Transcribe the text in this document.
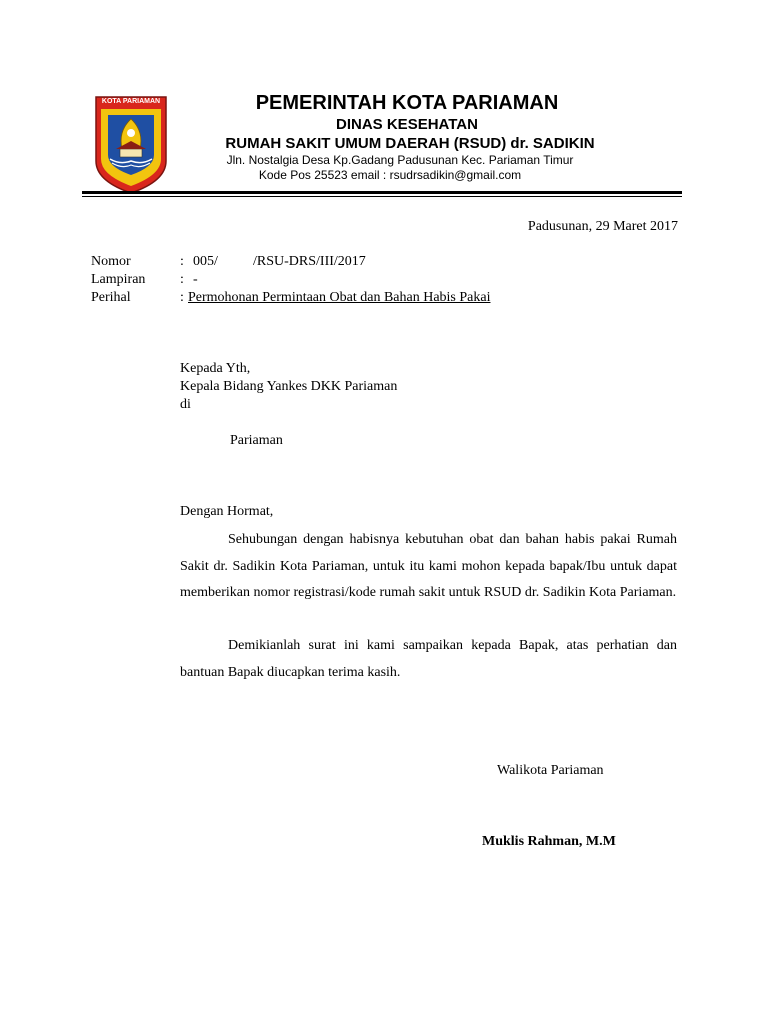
KOTA PARIAMAN	PEMERINTAH KOTA PARIAMAN
DINAS KESEHATAN
RUMAH SAKIT UMUM DAERAH (RSUD) dr. SADIKIN
Jln. Nostalgia Desa Kp.Gadang Padusunan Kec. Pariaman Timur
Kode Pos 25523 email : rsudrsadikin@gmail.com
Padusunan, 29 Maret 2017
Nomor	: 005/	/RSU-DRS/III/2017
Lampiran : -
Perihal	: Permohonan Permintaan Obat dan Bahan Habis Pakai
Kepada Yth,
Kepala Bidang Yankes DKK Pariaman
di
Pariaman
Dengan Hormat,
Sehubungan dengan habisnya kebutuhan obat dan bahan habis pakai Rumah Sakit dr. Sadikin Kota Pariaman, untuk itu kami mohon kepada bapak/Ibu untuk dapat memberikan nomor registrasi/kode rumah sakit untuk RSUD dr. Sadikin Kota Pariaman.
Demikianlah surat ini kami sampaikan kepada Bapak, atas perhatian dan bantuan Bapak diucapkan terima kasih.
Walikota Pariaman
Muklis Rahman, M.M
